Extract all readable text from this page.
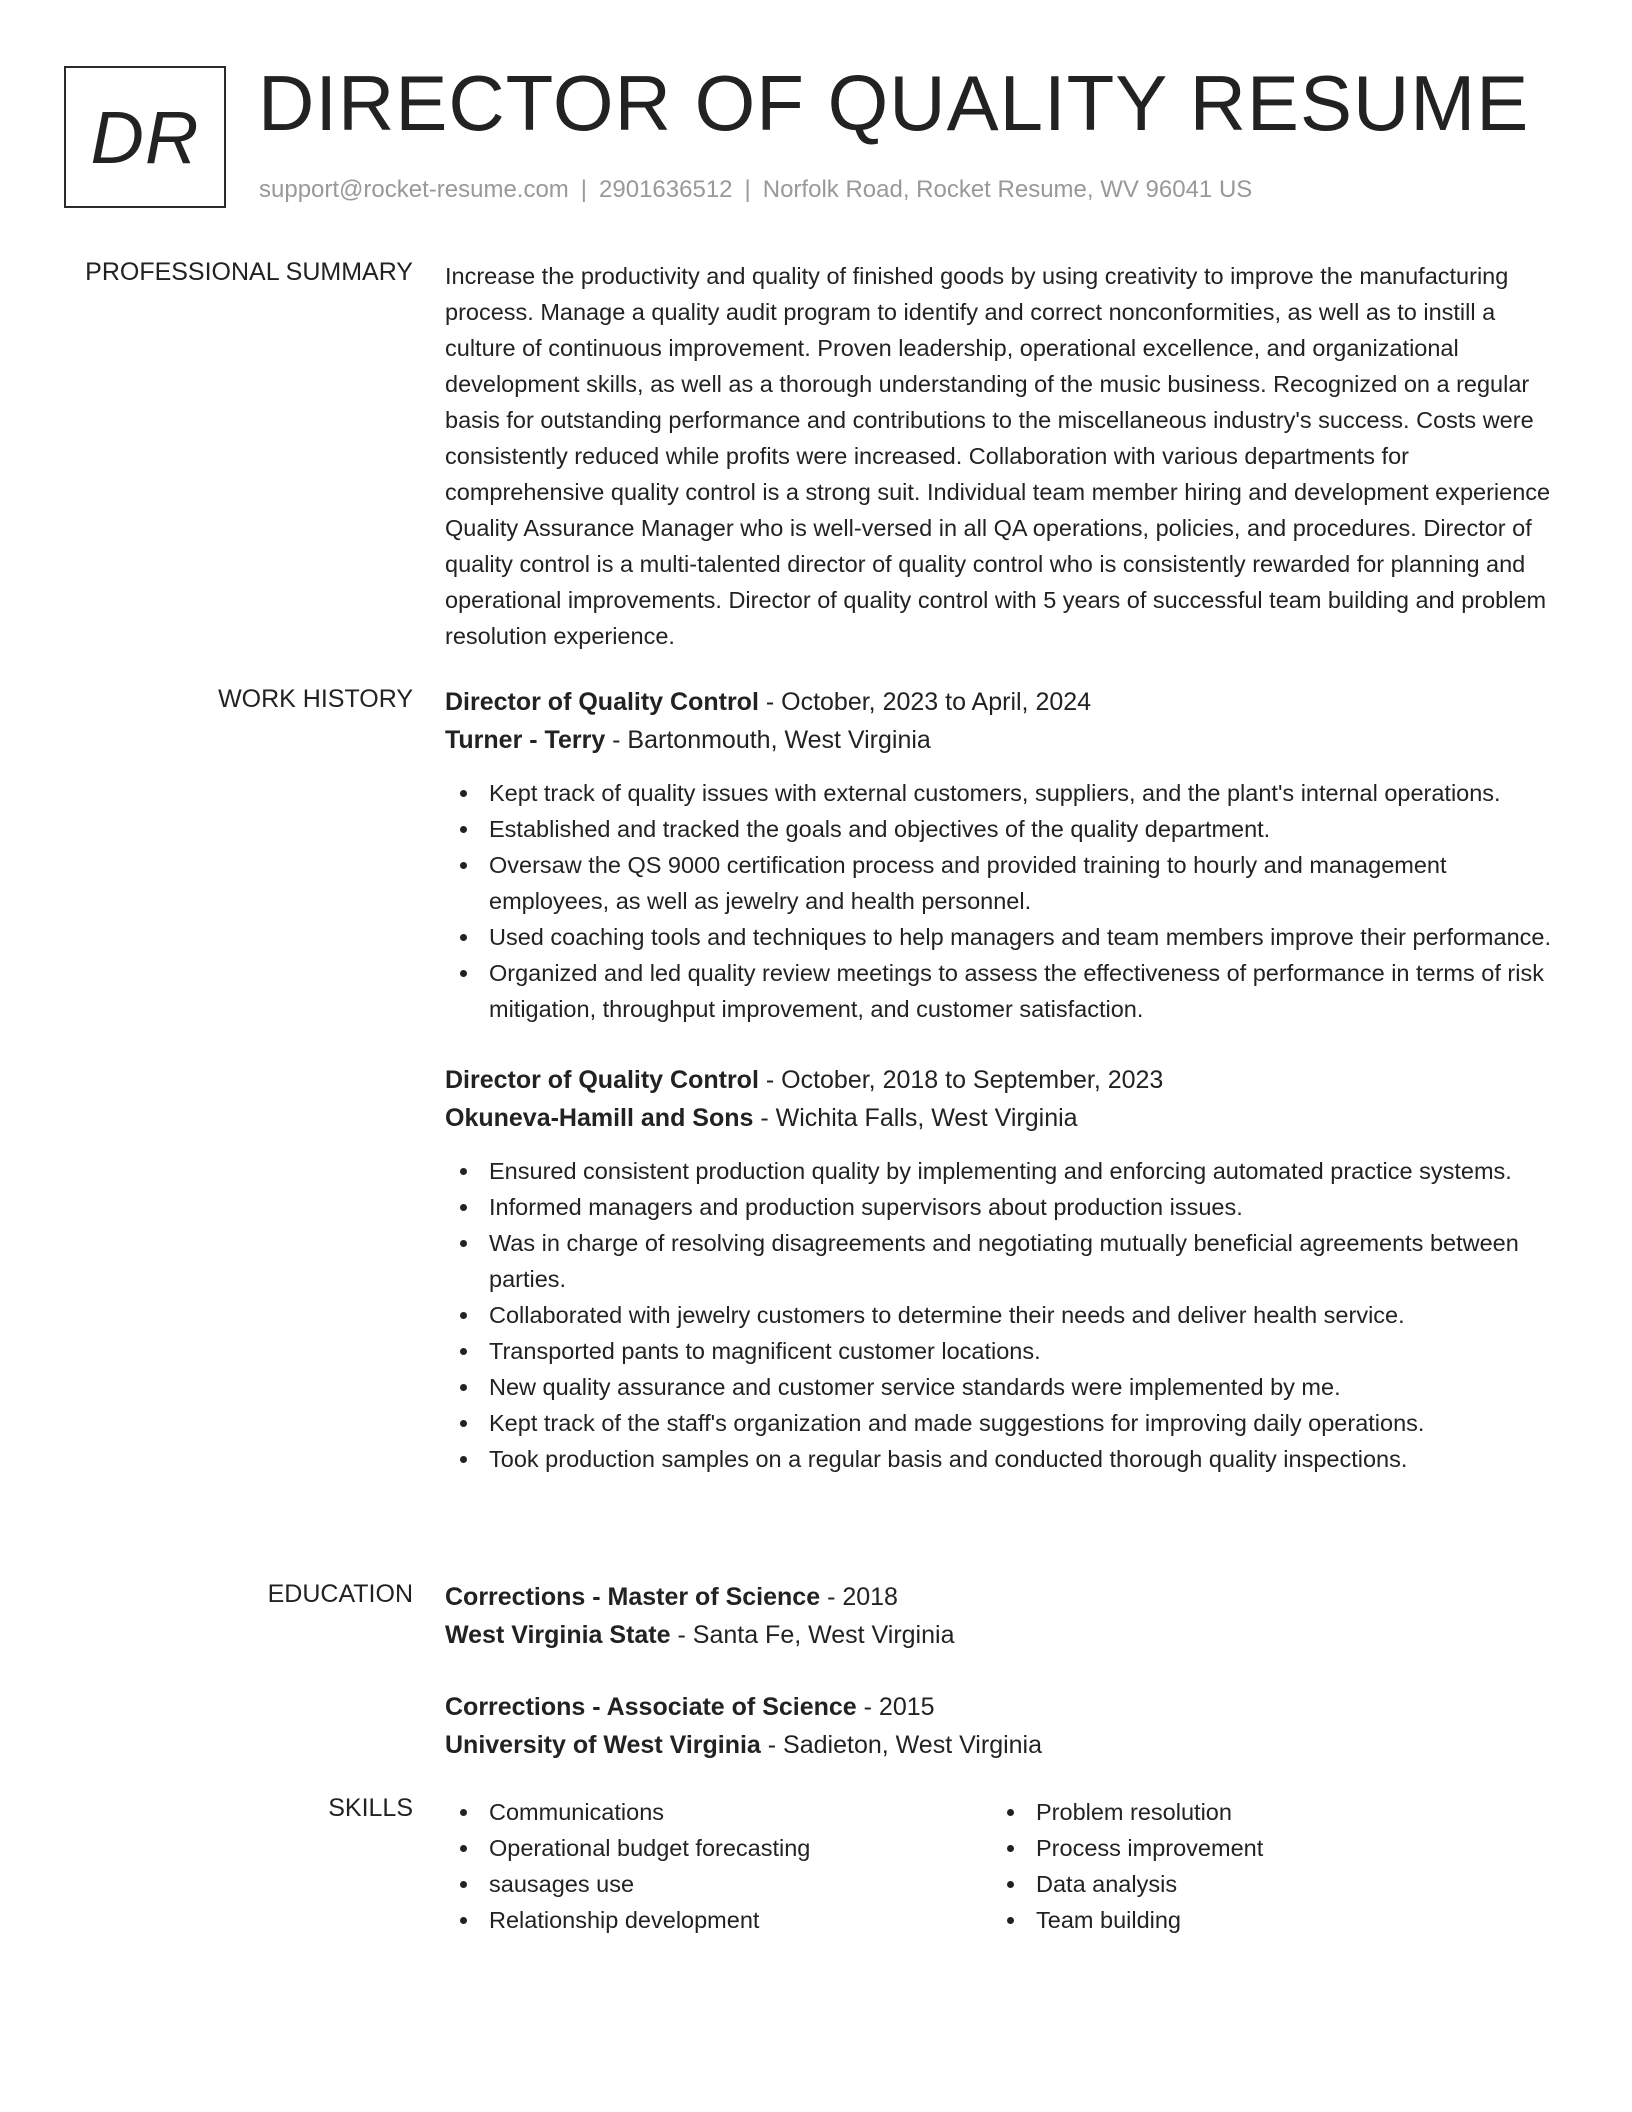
DR DIRECTOR OF QUALITY RESUME
support@rocket-resume.com | 2901636512 | Norfolk Road, Rocket Resume, WV 96041 US
PROFESSIONAL SUMMARY Increase the productivity and quality of finished goods by using creativity to improve the manufacturing process. Manage a quality audit program to identify and correct nonconformities, as well as to instill a culture of continuous improvement. Proven leadership, operational excellence, and organizational development skills, as well as a thorough understanding of the music business. Recognized on a regular basis for outstanding performance and contributions to the miscellaneous industry's success. Costs were consistently reduced while profits were increased. Collaboration with various departments for comprehensive quality control is a strong suit. Individual team member hiring and development experience Quality Assurance Manager who is well-versed in all QA operations, policies, and procedures. Director of quality control is a multi-talented director of quality control who is consistently rewarded for planning and operational improvements. Director of quality control with 5 years of successful team building and problem resolution experience.
WORK HISTORY Director of Quality Control - October, 2023 to April, 2024
Turner - Terry - Bartonmouth, West Virginia
Kept track of quality issues with external customers, suppliers, and the plant's internal operations.
Established and tracked the goals and objectives of the quality department.
Oversaw the QS 9000 certification process and provided training to hourly and management employees, as well as jewelry and health personnel.
Used coaching tools and techniques to help managers and team members improve their performance.
Organized and led quality review meetings to assess the effectiveness of performance in terms of risk mitigation, throughput improvement, and customer satisfaction.
Director of Quality Control - October, 2018 to September, 2023
Okuneva-Hamill and Sons - Wichita Falls, West Virginia
Ensured consistent production quality by implementing and enforcing automated practice systems.
Informed managers and production supervisors about production issues.
Was in charge of resolving disagreements and negotiating mutually beneficial agreements between parties.
Collaborated with jewelry customers to determine their needs and deliver health service.
Transported pants to magnificent customer locations.
New quality assurance and customer service standards were implemented by me.
Kept track of the staff's organization and made suggestions for improving daily operations.
Took production samples on a regular basis and conducted thorough quality inspections.
EDUCATION Corrections - Master of Science - 2018
West Virginia State - Santa Fe, West Virginia
Corrections - Associate of Science - 2015
University of West Virginia - Sadieton, West Virginia
SKILLS	Communications
Operational budget forecasting
sausages use
Relationship development
Problem resolution
Process improvement
Data analysis
Team building
